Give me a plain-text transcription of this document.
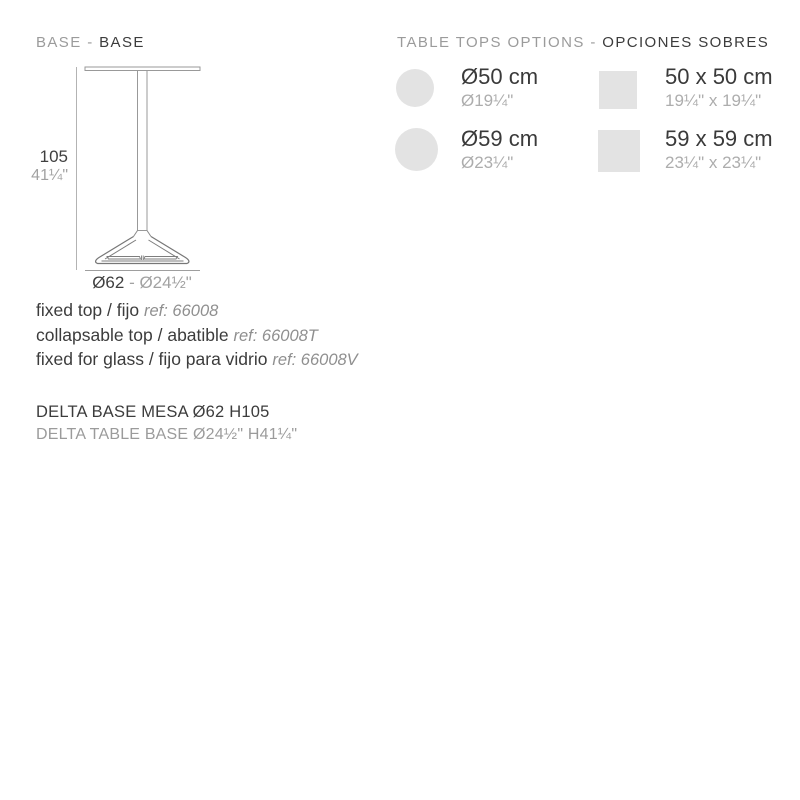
BASE - BASE	TABLE TOPS OPTIONS - OPCIONES SOBRES
105
41¼"
Ø62 - Ø24½"
fixed top / fijo ref: 66008
collapsable top / abatible ref: 66008T
fixed for glass / fijo para vidrio ref: 66008V
DELTA BASE MESA Ø62 H105
DELTA TABLE BASE Ø24½" H41¼"
Ø50 cm
Ø19¼"
50 x 50 cm
19¼" x 19¼"
Ø59 cm
Ø23¼"
59 x 59 cm
23¼" x 23¼"
